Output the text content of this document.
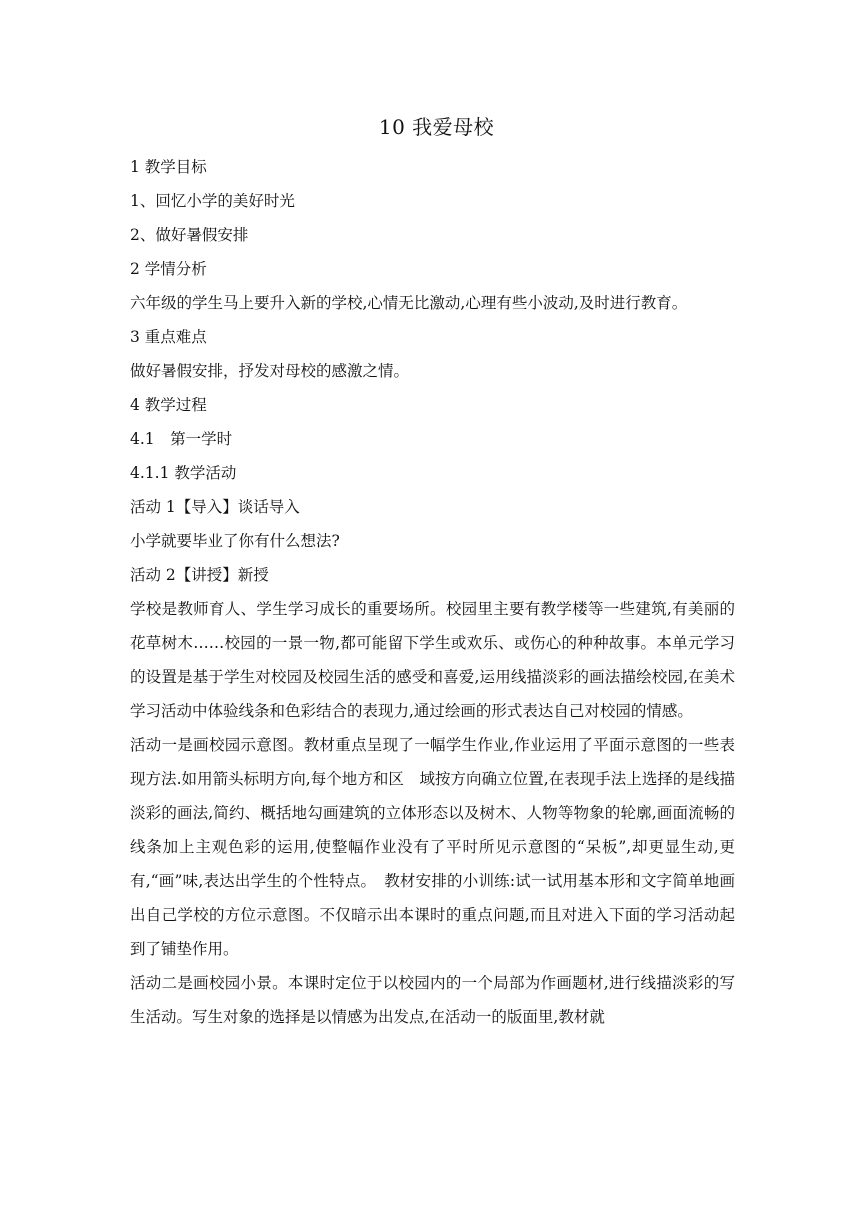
10 我爱母校

1 教学目标

1、回忆小学的美好时光

2、做好暑假安排

2 学情分析

六年级的学生马上要升入新的学校,心情无比激动,心理有些小波动,及时进行教育。

3 重点难点

做好暑假安排，抒发对母校的感激之情。

4 教学过程

4.1　第一学时

4.1.1 教学活动

活动 1【导入】谈话导入

小学就要毕业了你有什么想法?

活动 2【讲授】新授

学校是教师育人、学生学习成长的重要场所。校园里主要有教学楼等一些建筑,有美丽的花草树木……校园的一景一物,都可能留下学生或欢乐、或伤心的种种故事。本单元学习的设置是基于学生对校园及校园生活的感受和喜爱,运用线描淡彩的画法描绘校园,在美术学习活动中体验线条和色彩结合的表现力,通过绘画的形式表达自己对校园的情感。

活动一是画校园示意图。教材重点呈现了一幅学生作业,作业运用了平面示意图的一些表现方法.如用箭头标明方向,每个地方和区　域按方向确立位置,在表现手法上选择的是线描淡彩的画法,简约、概括地勾画建筑的立体形态以及树木、人物等物象的轮廓,画面流畅的线条加上主观色彩的运用,使整幅作业没有了平时所见示意图的“呆板”,却更显生动,更有,“画”味,表达出学生的个性特点。　教材安排的小训练:试一试用基本形和文字简单地画出自己学校的方位示意图。不仅暗示出本课时的重点问题,而且对进入下面的学习活动起到了铺垫作用。

活动二是画校园小景。本课时定位于以校园内的一个局部为作画题材,进行线描淡彩的写生活动。写生对象的选择是以情感为出发点,在活动一的版面里,教材就
